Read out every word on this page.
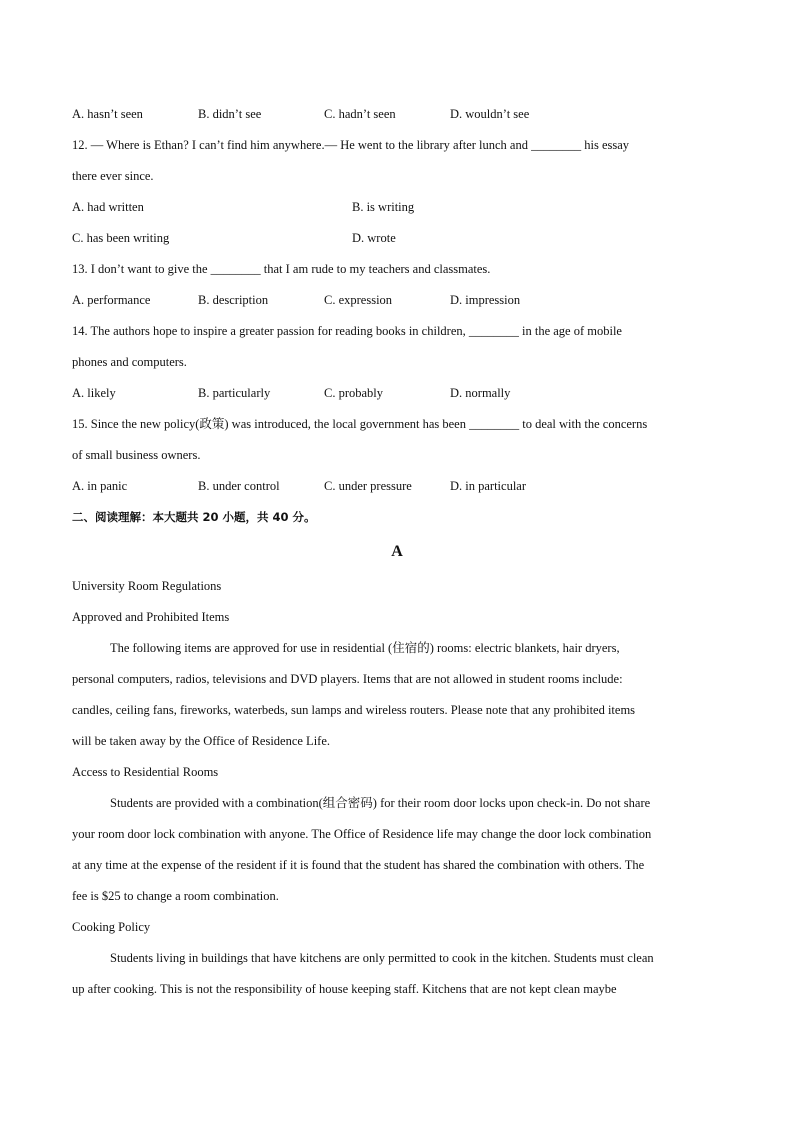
A. hasn’t seen	B. didn’t see	C. hadn’t seen	D. wouldn’t see
12. — Where is Ethan? I can’t find him anywhere.— He went to the library after lunch and ________ his essay
there ever since.
A. had written	B. is writing
C. has been writing	D. wrote
13. I don’t want to give the ________ that I am rude to my teachers and classmates.
A. performance	B. description	C. expression	D. impression
14. The authors hope to inspire a greater passion for reading books in children, ________ in the age of mobile
phones and computers.
A. likely	B. particularly	C. probably	D. normally
15. Since the new policy(政策) was introduced, the local government has been ________ to deal with the concerns
of small business owners.
A. in panic	B. under control	C. under pressure	D. in particular
二、阅读理解：本大题共 20 小题，共 40 分。
A
University Room Regulations
Approved and Prohibited Items
The following items are approved for use in residential (住宿的) rooms: electric blankets, hair dryers,
personal computers, radios, televisions and DVD players. Items that are not allowed in student rooms include:
candles, ceiling fans, fireworks, waterbeds, sun lamps and wireless routers. Please note that any prohibited items
will be taken away by the Office of Residence Life.
Access to Residential Rooms
Students are provided with a combination(组合密码) for their room door locks upon check-in. Do not share
your room door lock combination with anyone. The Office of Residence life may change the door lock combination
at any time at the expense of the resident if it is found that the student has shared the combination with others. The
fee is $25 to change a room combination.
Cooking Policy
Students living in buildings that have kitchens are only permitted to cook in the kitchen. Students must clean
up after cooking. This is not the responsibility of house keeping staff. Kitchens that are not kept clean maybe
